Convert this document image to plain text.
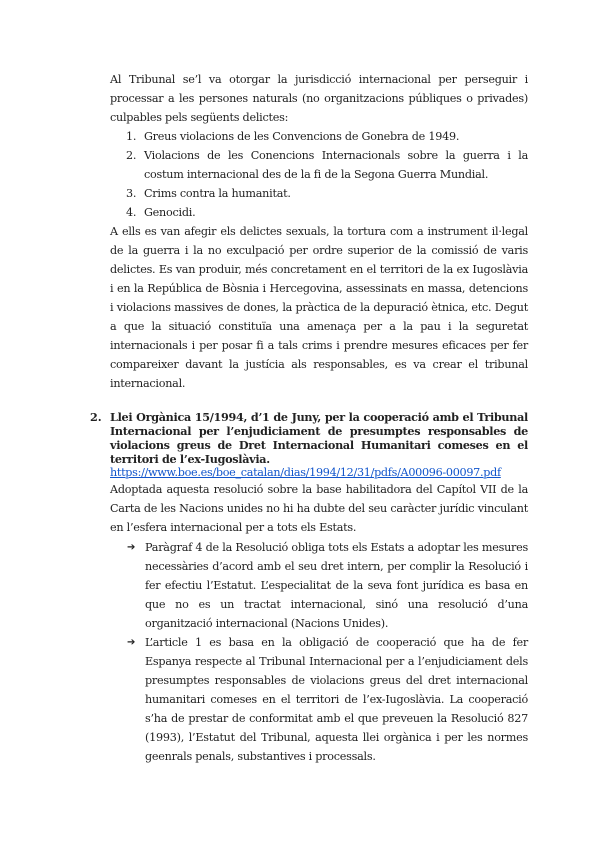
Al Tribunal se’l va otorgar la jurisdicció internacional per perseguir i processar a les persones naturals (no organitzacions públiques o privades) culpables pels següents delictes:

1. Greus violacions de les Convencions de Gonebra de 1949.
2. Violacions de les Conencions Internacionals sobre la guerra i la costum internacional des de la fi de la Segona Guerra Mundial.
3. Crims contra la humanitat.
4. Genocidi.

A ells es van afegir els delictes sexuals, la tortura com a instrument il·legal de la guerra i la no exculpació per ordre superior de la comissió de varis delictes. Es van produir, més concretament en el territori de la ex Iugoslàvia i en la República de Bòsnia i Hercegovina, assessinats en massa, detencions i violacions massives de dones, la pràctica de la depuració ètnica, etc. Degut a que la situació constituïa una amenaça per a la pau i la seguretat internacionals i per posar fi a tals crims i prendre mesures eficaces per fer compareixer davant la justícia als responsables, es va crear el tribunal internacional.

2. Llei Orgànica 15/1994, d’1 de Juny, per la cooperació amb el Tribunal Internacional per l’enjudiciament de presumptes responsables de violacions greus de Dret Internacional Humanitari comeses en el territori de l’ex-Iugoslàvia.
https://www.boe.es/boe_catalan/dias/1994/12/31/pdfs/A00096-00097.pdf

Adoptada aquesta resolució sobre la base habilitadora del Capítol VII de la Carta de les Nacions unides no hi ha dubte del seu caràcter jurídic vinculant en l’esfera internacional per a tots els Estats.

➔ Paràgraf 4 de la Resolució obliga tots els Estats a adoptar les mesures necessàries d’acord amb el seu dret intern, per complir la Resolució i fer efectiu l’Estatut. L’especialitat de la seva font jurídica es basa en que no es un tractat internacional, sinó una resolució d’una organització internacional (Nacions Unides).
➔ L’article 1 es basa en la obligació de cooperació que ha de fer Espanya respecte al Tribunal Internacional per a l’enjudiciament dels presumptes responsables de violacions greus del dret internacional humanitari comeses en el territori de l’ex-Iugoslàvia. La cooperació s’ha de prestar de conformitat amb el que preveuen la Resolució 827 (1993), l’Estatut del Tribunal, aquesta llei orgànica i per les normes geenrals penals, substantives i processals.
